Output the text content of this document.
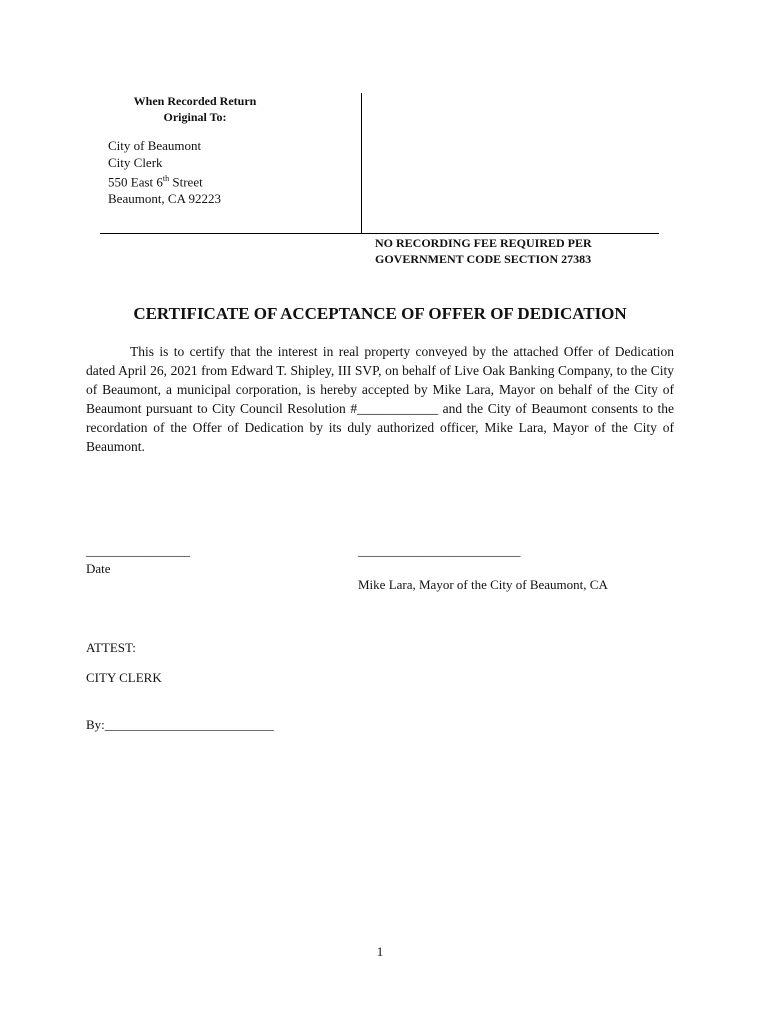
When Recorded Return
Original To:
City of Beaumont
City Clerk
550 East 6th Street
Beaumont, CA 92223
NO RECORDING FEE REQUIRED PER
GOVERNMENT CODE SECTION 27383
CERTIFICATE OF ACCEPTANCE OF OFFER OF DEDICATION
This is to certify that the interest in real property conveyed by the attached Offer of Dedication dated April 26, 2021 from Edward T. Shipley, III SVP, on behalf of Live Oak Banking Company, to the City of Beaumont, a municipal corporation, is hereby accepted by Mike Lara, Mayor on behalf of the City of Beaumont pursuant to City Council Resolution #____________ and the City of Beaumont consents to the recordation of the Offer of Dedication by its duly authorized officer, Mike Lara, Mayor of the City of Beaumont.
________________
Date
_________________________
Mike Lara, Mayor of the City of Beaumont, CA
ATTEST:
CITY CLERK
By:__________________________
1
